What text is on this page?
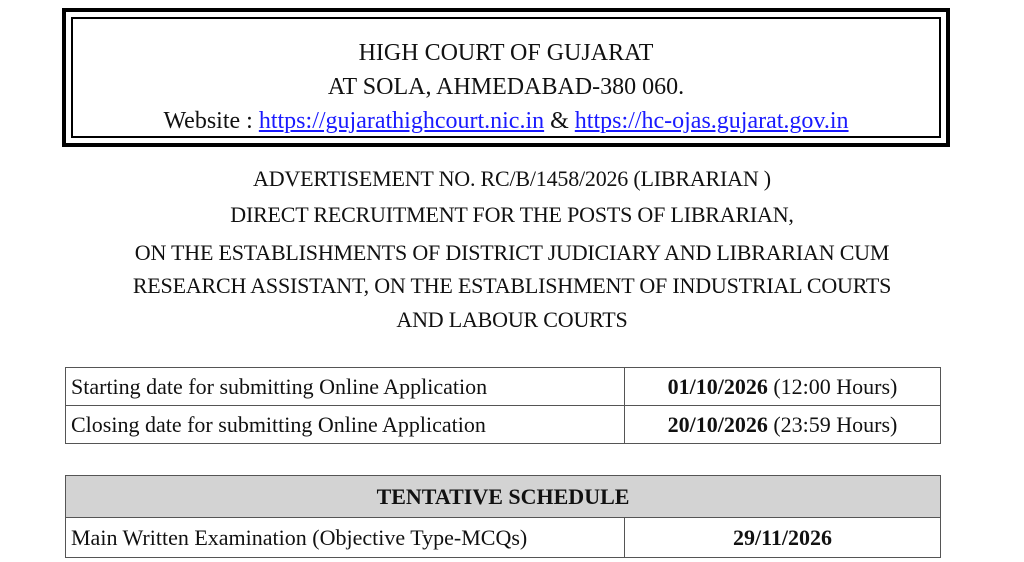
HIGH COURT OF GUJARAT

AT SOLA, AHMEDABAD-380 060.

Website : https://gujarathighcourt.nic.in & https://hc-ojas.gujarat.gov.in

ADVERTISEMENT NO. RC/B/1458/2026 (LIBRARIAN )
DIRECT RECRUITMENT FOR THE POSTS OF LIBRARIAN,
ON THE ESTABLISHMENTS OF DISTRICT JUDICIARY AND LIBRARIAN CUM
RESEARCH ASSISTANT, ON THE ESTABLISHMENT OF INDUSTRIAL COURTS
AND LABOUR COURTS
Starting date for submitting Online Application	01/10/2026 (12:00 Hours)
Closing date for submitting Online Application	20/10/2026 (23:59 Hours)
TENTATIVE SCHEDULE
Main Written Examination (Objective Type-MCQs)	29/11/2026
